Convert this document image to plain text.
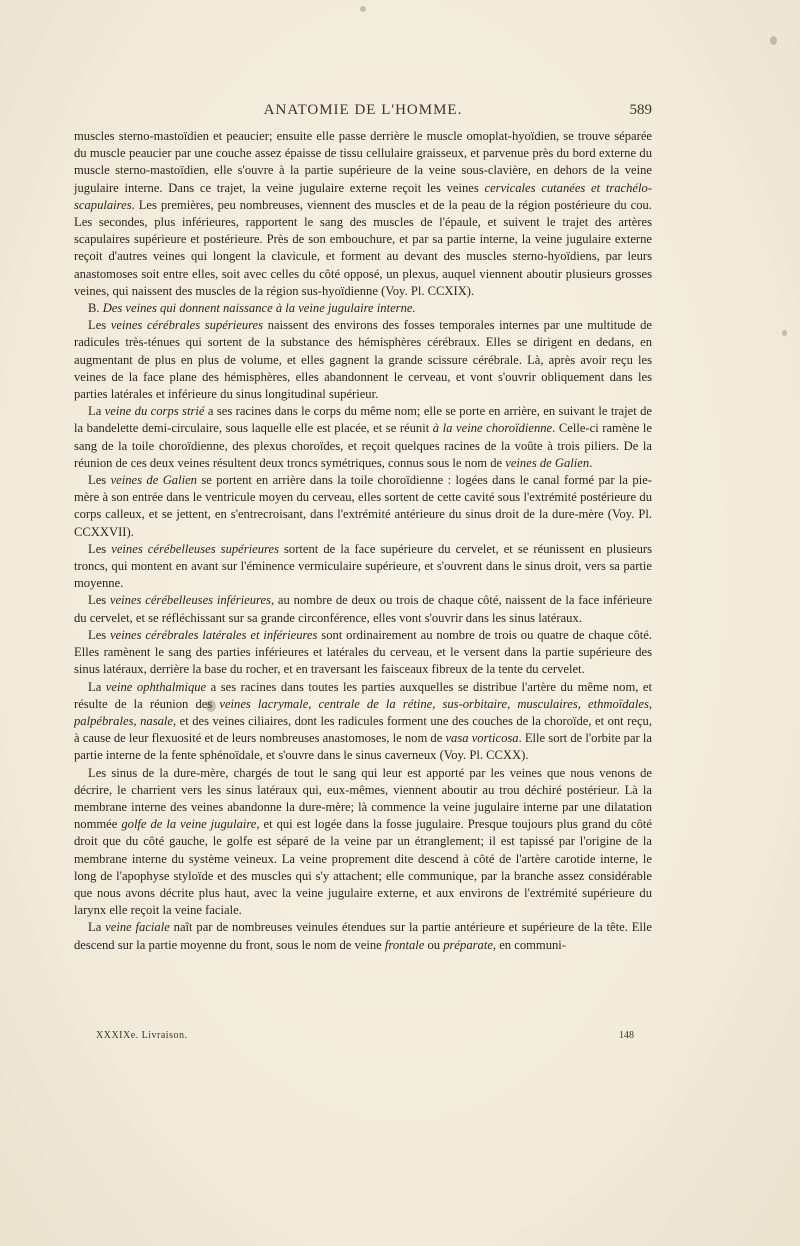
ANATOMIE DE L'HOMME.	589

muscles sterno-mastoïdien et peaucier; ensuite elle passe derrière le muscle omoplat-hyoïdien, se trouve séparée du muscle peaucier par une couche assez épaisse de tissu cellulaire graisseux, et parvenue près du bord externe du muscle sterno-mastoïdien, elle s'ouvre à la partie supérieure de la veine sous-clavière, en dehors de la veine jugulaire interne. Dans ce trajet, la veine jugulaire externe reçoit les veines cervicales cutanées et trachélo-scapulaires. Les premières, peu nombreuses, viennent des muscles et de la peau de la région postérieure du cou. Les secondes, plus inférieures, rapportent le sang des muscles de l'épaule, et suivent le trajet des artères scapulaires supérieure et postérieure. Près de son embouchure, et par sa partie interne, la veine jugulaire externe reçoit d'autres veines qui longent la clavicule, et forment au devant des muscles sterno-hyoïdiens, par leurs anastomoses soit entre elles, soit avec celles du côté opposé, un plexus, auquel viennent aboutir plusieurs grosses veines, qui naissent des muscles de la région sus-hyoïdienne (Voy. Pl. CCXIX).

B. Des veines qui donnent naissance à la veine jugulaire interne.

Les veines cérébrales supérieures naissent des environs des fosses temporales internes par une multitude de radicules très-ténues qui sortent de la substance des hémisphères cérébraux. Elles se dirigent en dedans, en augmentant de plus en plus de volume, et elles gagnent la grande scissure cérébrale. Là, après avoir reçu les veines de la face plane des hémisphères, elles abandonnent le cerveau, et vont s'ouvrir obliquement dans les parties latérales et inférieure du sinus longitudinal supérieur.

La veine du corps strié a ses racines dans le corps du même nom; elle se porte en arrière, en suivant le trajet de la bandelette demi-circulaire, sous laquelle elle est placée, et se réunit à la veine choroïdienne. Celle-ci ramène le sang de la toile choroïdienne, des plexus choroïdes, et reçoit quelques racines de la voûte à trois piliers. De la réunion de ces deux veines résultent deux troncs symétriques, connus sous le nom de veines de Galien.

Les veines de Galien se portent en arrière dans la toile choroïdienne : logées dans le canal formé par la pie-mère à son entrée dans le ventricule moyen du cerveau, elles sortent de cette cavité sous l'extrémité postérieure du corps calleux, et se jettent, en s'entrecroisant, dans l'extrémité antérieure du sinus droit de la dure-mère (Voy. Pl. CCXXVII).

Les veines cérébelleuses supérieures sortent de la face supérieure du cervelet, et se réunissent en plusieurs troncs, qui montent en avant sur l'éminence vermiculaire supérieure, et s'ouvrent dans le sinus droit, vers sa partie moyenne.

Les veines cérébelleuses inférieures, au nombre de deux ou trois de chaque côté, naissent de la face inférieure du cervelet, et se réfléchissant sur sa grande circonférence, elles vont s'ouvrir dans les sinus latéraux.

Les veines cérébrales latérales et inférieures sont ordinairement au nombre de trois ou quatre de chaque côté. Elles ramènent le sang des parties inférieures et latérales du cerveau, et le versent dans la partie supérieure des sinus latéraux, derrière la base du rocher, et en traversant les faisceaux fibreux de la tente du cervelet.

La veine ophthalmique a ses racines dans toutes les parties auxquelles se distribue l'artère du même nom, et résulte de la réunion des veines lacrymale, centrale de la rétine, sus-orbitaire, musculaires, ethmoïdales, palpébrales, nasale, et des veines ciliaires, dont les radicules forment une des couches de la choroïde, et ont reçu, à cause de leur flexuosité et de leurs nombreuses anastomoses, le nom de vasa vorticosa. Elle sort de l'orbite par la partie interne de la fente sphénoïdale, et s'ouvre dans le sinus caverneux (Voy. Pl. CCXX).

Les sinus de la dure-mère, chargés de tout le sang qui leur est apporté par les veines que nous venons de décrire, le charrient vers les sinus latéraux qui, eux-mêmes, viennent aboutir au trou déchiré postérieur. Là la membrane interne des veines abandonne la dure-mère; là commence la veine jugulaire interne par une dilatation nommée golfe de la veine jugulaire, et qui est logée dans la fosse jugulaire. Presque toujours plus grand du côté droit que du côté gauche, le golfe est séparé de la veine par un étranglement; il est tapissé par l'origine de la membrane interne du système veineux. La veine proprement dite descend à côté de l'artère carotide interne, le long de l'apophyse styloïde et des muscles qui s'y attachent; elle communique, par la branche assez considérable que nous avons décrite plus haut, avec la veine jugulaire externe, et aux environs de l'extrémité supérieure du larynx elle reçoit la veine faciale.

La veine faciale naît par de nombreuses veinules étendues sur la partie antérieure et supérieure de la tête. Elle descend sur la partie moyenne du front, sous le nom de veine frontale ou préparate, en communi-

XXXIXe. Livraison.	148
